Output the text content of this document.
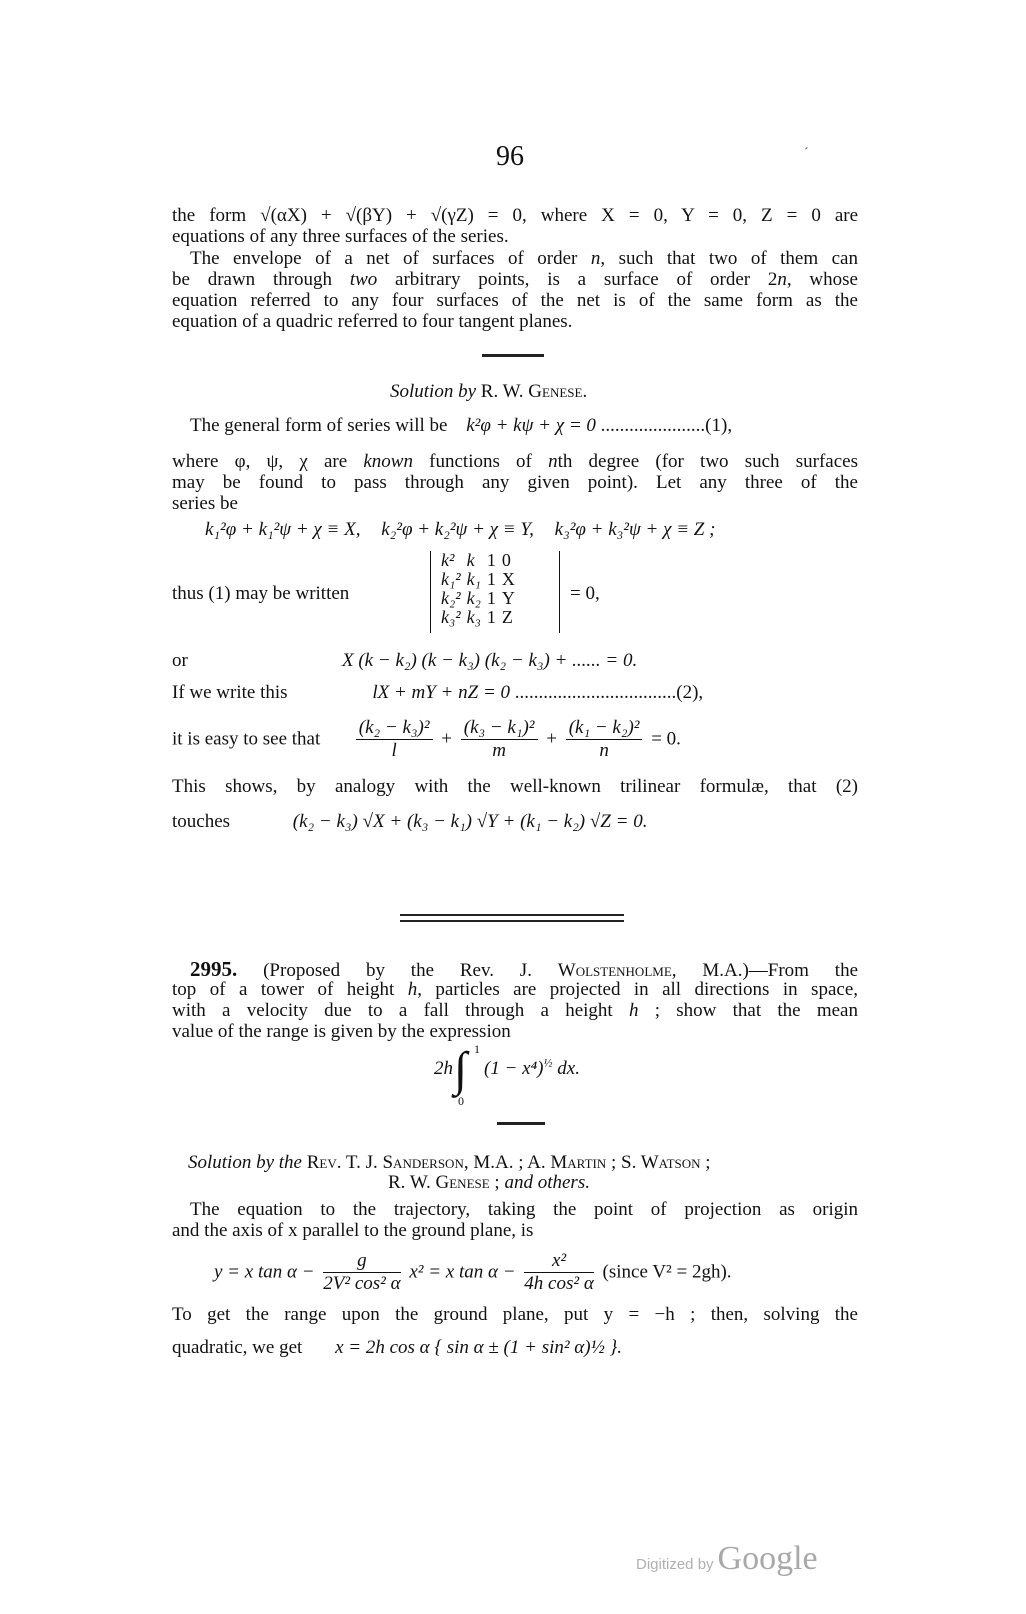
96	´
the form √(αX) + √(βY) + √(γZ) = 0, where X = 0, Y = 0, Z = 0 are
equations of any three surfaces of the series.
The envelope of a net of surfaces of order n, such that two of them can
be drawn through two arbitrary points, is a surface of order 2n, whose
equation referred to any four surfaces of the net is of the same form as the
equation of a quadric referred to four tangent planes.
Solution by R. W. Genese.
The general form of series will be k²φ + kψ + χ = 0 ......................(1),
where φ, ψ, χ are known functions of nth degree (for two such surfaces
may be found to pass through any given point). Let any three of the
series be
k₁²φ + k₁²ψ + χ ≡ X, k₂²φ + k₂²ψ + χ ≡ Y, k₃²φ + k₃²ψ + χ ≡ Z ;
thus (1) may be written
k²	k	1	0
k₁²	k₁	1	X
k₂²	k₂	1	Y
k₃²	k₃	1	Z
= 0,
or	X (k − k₂) (k − k₃) (k₂ − k₃) + ...... = 0.
If we write this	lX + mY + nZ = 0 ..................................(2),
it is easy to see that $\frac{\text{(k₂ − k₃)²}}{l} + \frac{\text{(k₃ − k₁)²}}{m} + \frac{\text{(k₁ − k₂)²}}{n} = 0$.
This shows, by analogy with the well-known trilinear formulæ, that (2)
touches	(k₂ − k₃) √X + (k₃ − k₁) √Y + (k₁ − k₂) √Z = 0.
2995. (Proposed by the Rev. J. Wolstenholme, M.A.)—From the
top of a tower of height h, particles are projected in all directions in space,
with a velocity due to a fall through a height h ; show that the mean
value of the range is given by the expression
2h ∫ 1
0
$(1 - x^4)^{\frac{1}{2}}$ dx.
Solution by the Rev. T. J. Sanderson, M.A. ; A. Martin ; S. Watson ;
R. W. Genese ; and others.
The equation to the trajectory, taking the point of projection as origin
and the axis of x parallel to the ground plane, is
y = x $\tan \alpha - \frac{g}{\text{2V² cos² α}} x^2 = x$ $\tan \alpha - \frac{\text{x²}}{\text{4h cos² α}}$ (since V² = 2gh).
To get the range upon the ground plane, put y = −h ; then, solving the
quadratic, we get x = 2h cos α { sin α ± (1 + sin² α)½ }.
Digitized by Google
